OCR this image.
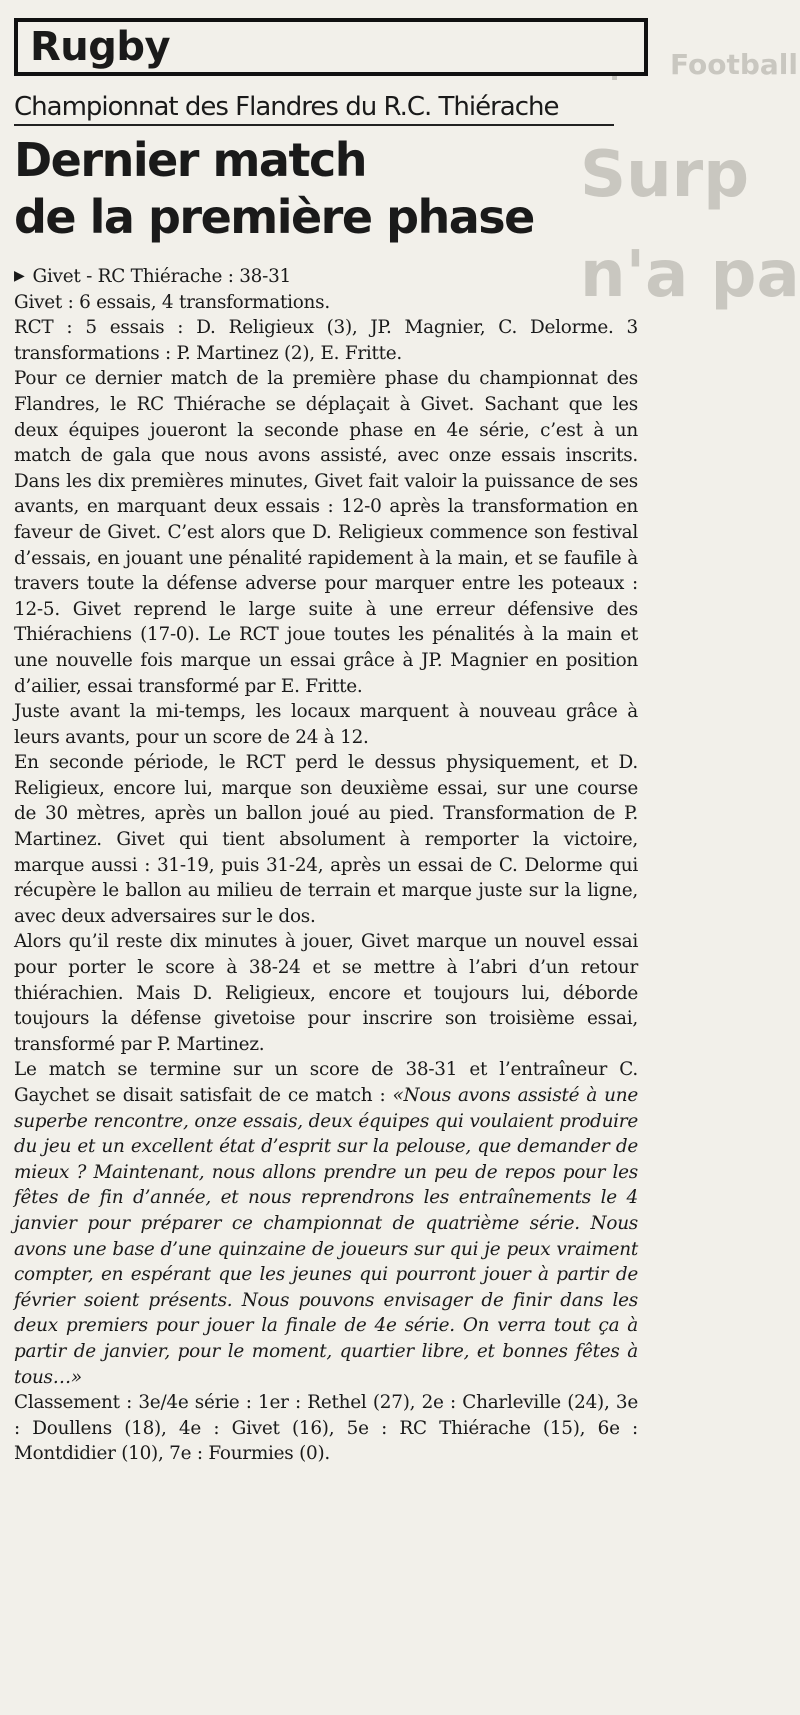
Football
Surp
n'a pa
Rugby
Championnat des Flandres du R.C. Thiérache
Dernier match
de la première phase

▶ Givet - RC Thiérache : 38-31

Givet : 6 essais, 4 transformations.

RCT : 5 essais : D. Religieux (3), JP. Magnier, C. Delorme. 3 transformations : P. Martinez (2), E. Fritte.

Pour ce dernier match de la première phase du championnat des Flandres, le RC Thiérache se déplaçait à Givet. Sachant que les deux équipes joueront la seconde phase en 4e série, c’est à un match de gala que nous avons assisté, avec onze essais inscrits. Dans les dix premières minutes, Givet fait valoir la puissance de ses avants, en marquant deux essais : 12-0 après la transformation en faveur de Givet. C’est alors que D. Religieux commence son festival d’essais, en jouant une pénalité rapidement à la main, et se faufile à travers toute la défense adverse pour marquer entre les poteaux : 12-5. Givet reprend le large suite à une erreur défensive des Thiérachiens (17-0). Le RCT joue toutes les pénalités à la main et une nouvelle fois marque un essai grâce à JP. Magnier en position d’ailier, essai transformé par E. Fritte.

Juste avant la mi-temps, les locaux marquent à nouveau grâce à leurs avants, pour un score de 24 à 12.

En seconde période, le RCT perd le dessus physiquement, et D. Religieux, encore lui, marque son deuxième essai, sur une course de 30 mètres, après un ballon joué au pied. Transformation de P. Martinez. Givet qui tient absolument à remporter la victoire, marque aussi : 31-19, puis 31-24, après un essai de C. Delorme qui récupère le ballon au milieu de terrain et marque juste sur la ligne, avec deux adversaires sur le dos.

Alors qu’il reste dix minutes à jouer, Givet marque un nouvel essai pour porter le score à 38-24 et se mettre à l’abri d’un retour thiérachien. Mais D. Religieux, encore et toujours lui, déborde toujours la défense givetoise pour inscrire son troisième essai, transformé par P. Martinez.

Le match se termine sur un score de 38-31 et l’entraîneur C. Gaychet se disait satisfait de ce match : «Nous avons assisté à une superbe rencontre, onze essais, deux équipes qui voulaient produire du jeu et un excellent état d’esprit sur la pelouse, que demander de mieux ? Maintenant, nous allons prendre un peu de repos pour les fêtes de fin d’année, et nous reprendrons les entraînements le 4 janvier pour préparer ce championnat de quatrième série. Nous avons une base d’une quinzaine de joueurs sur qui je peux vraiment compter, en espérant que les jeunes qui pourront jouer à partir de février soient présents. Nous pouvons envisager de finir dans les deux premiers pour jouer la finale de 4e série. On verra tout ça à partir de janvier, pour le moment, quartier libre, et bonnes fêtes à tous…»

Classement : 3e/4e série : 1er : Rethel (27), 2e : Charleville (24), 3e : Doullens (18), 4e : Givet (16), 5e : RC Thiérache (15), 6e : Montdidier (10), 7e : Fourmies (0).
